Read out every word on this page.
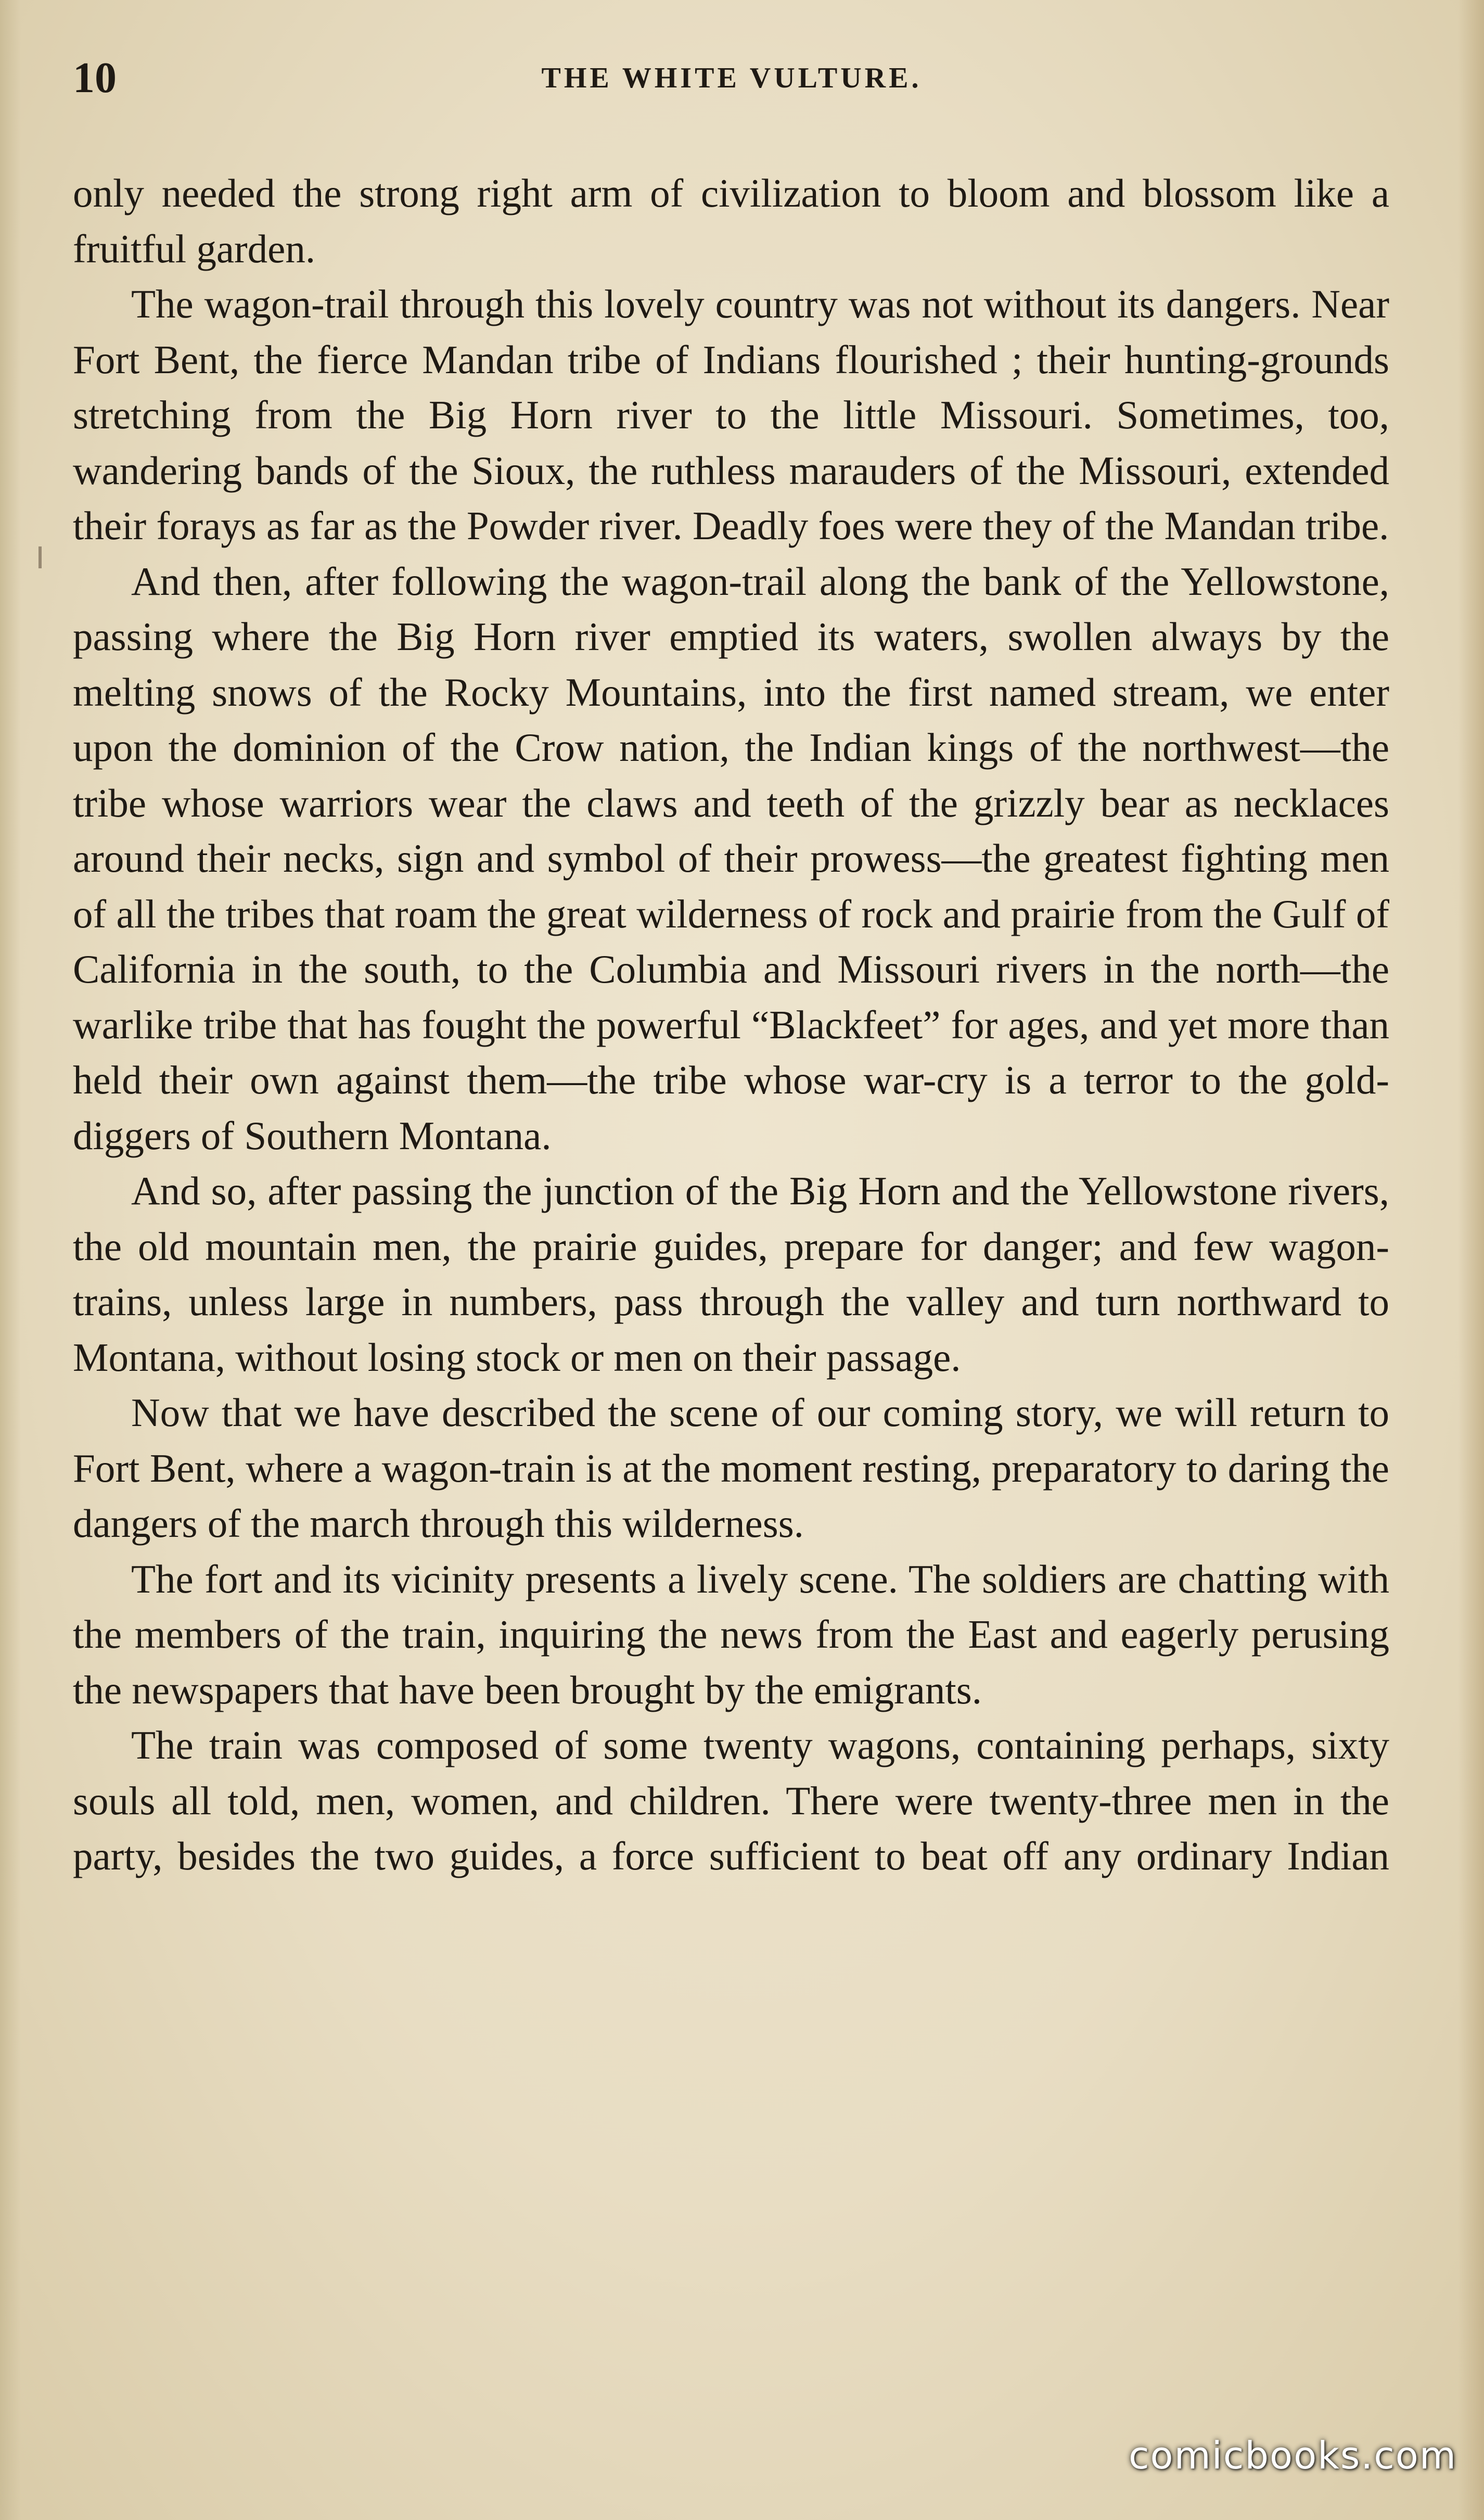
10	THE WHITE VULTURE.

only needed the strong right arm of civilization to bloom and blossom like a fruitful garden.

The wagon-trail through this lovely country was not without its dangers. Near Fort Bent, the fierce Mandan tribe of Indians flourished ; their hunting-grounds stretching from the Big Horn river to the little Missouri. Sometimes, too, wandering bands of the Sioux, the ruthless marauders of the Missouri, extended their forays as far as the Powder river. Deadly foes were they of the Mandan tribe.

And then, after following the wagon-trail along the bank of the Yellowstone, passing where the Big Horn river emptied its waters, swollen always by the melting snows of the Rocky Mountains, into the first named stream, we enter upon the dominion of the Crow nation, the Indian kings of the northwest—the tribe whose warriors wear the claws and teeth of the grizzly bear as necklaces around their necks, sign and symbol of their prowess—the greatest fighting men of all the tribes that roam the great wilderness of rock and prairie from the Gulf of California in the south, to the Columbia and Missouri rivers in the north—the warlike tribe that has fought the powerful “Blackfeet” for ages, and yet more than held their own against them—the tribe whose war-cry is a terror to the gold-diggers of Southern Montana.

And so, after passing the junction of the Big Horn and the Yellowstone rivers, the old mountain men, the prairie guides, prepare for danger; and few wagon-trains, unless large in numbers, pass through the valley and turn northward to Montana, without losing stock or men on their passage.

Now that we have described the scene of our coming story, we will return to Fort Bent, where a wagon-train is at the moment resting, preparatory to daring the dangers of the march through this wilderness.

The fort and its vicinity presents a lively scene. The soldiers are chatting with the members of the train, inquiring the news from the East and eagerly perusing the newspapers that have been brought by the emigrants.

The train was composed of some twenty wagons, containing perhaps, sixty souls all told, men, women, and children. There were twenty-three men in the party, besides the two guides, a force sufficient to beat off any ordinary Indian

comicbooks.com
